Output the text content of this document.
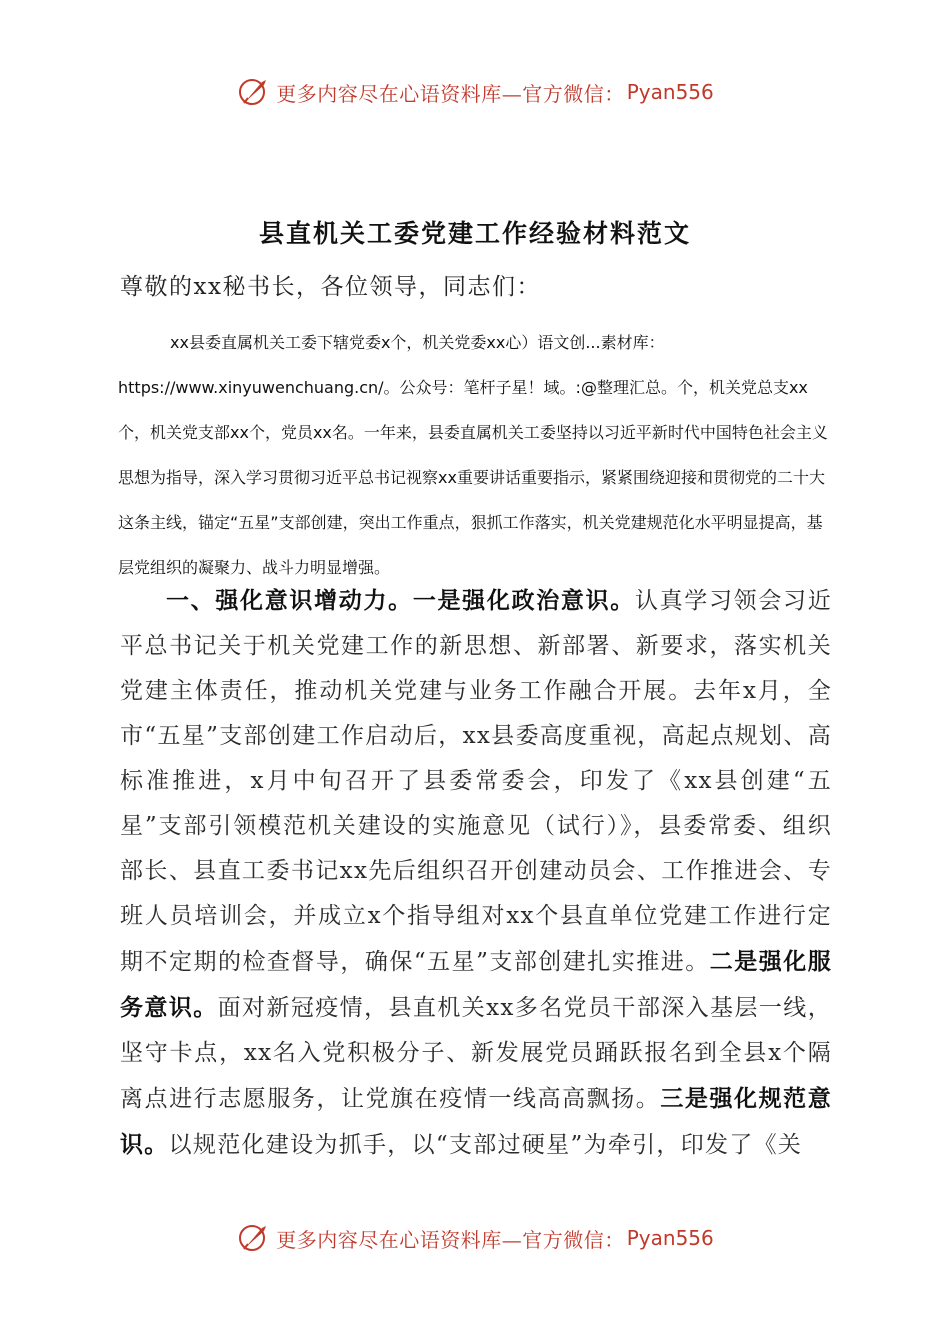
更多内容尽在心语资料库—官方微信： Pyan556
县直机关工委党建工作经验材料范文
尊敬的xx秘书长，各位领导，同志们：
xx县委直属机关工委下辖党委x个，机关党委xx心）语文创...素材库：https://www.xinyuwenchuang.cn/。公众号：笔杆子星！域。:@整理汇总。个，机关党总支xx个，机关党支部xx个，党员xx名。一年来，县委直属机关工委坚持以习近平新时代中国特色社会主义思想为指导，深入学习贯彻习近平总书记视察xx重要讲话重要指示，紧紧围绕迎接和贯彻党的二十大这条主线，锚定“五星”支部创建，突出工作重点，狠抓工作落实，机关党建规范化水平明显提高，基层党组织的凝聚力、战斗力明显增强。
一、强化意识增动力。一是强化政治意识。认真学习领会习近平总书记关于机关党建工作的新思想、新部署、新要求，落实机关党建主体责任，推动机关党建与业务工作融合开展。去年x月，全市“五星”支部创建工作启动后，xx县委高度重视，高起点规划、高标准推进，x月中旬召开了县委常委会，印发了《xx县创建“五星”支部引领模范机关建设的实施意见（试行）》，县委常委、组织部长、县直工委书记xx先后组织召开创建动员会、工作推进会、专班人员培训会，并成立x个指导组对xx个县直单位党建工作进行定期不定期的检查督导，确保“五星”支部创建扎实推进。二是强化服务意识。面对新冠疫情，县直机关xx多名党员干部深入基层一线，坚守卡点，xx名入党积极分子、新发展党员踊跃报名到全县x个隔离点进行志愿服务，让党旗在疫情一线高高飘扬。三是强化规范意识。以规范化建设为抓手，以“支部过硬星”为牵引，印发了《关
更多内容尽在心语资料库—官方微信： Pyan556
